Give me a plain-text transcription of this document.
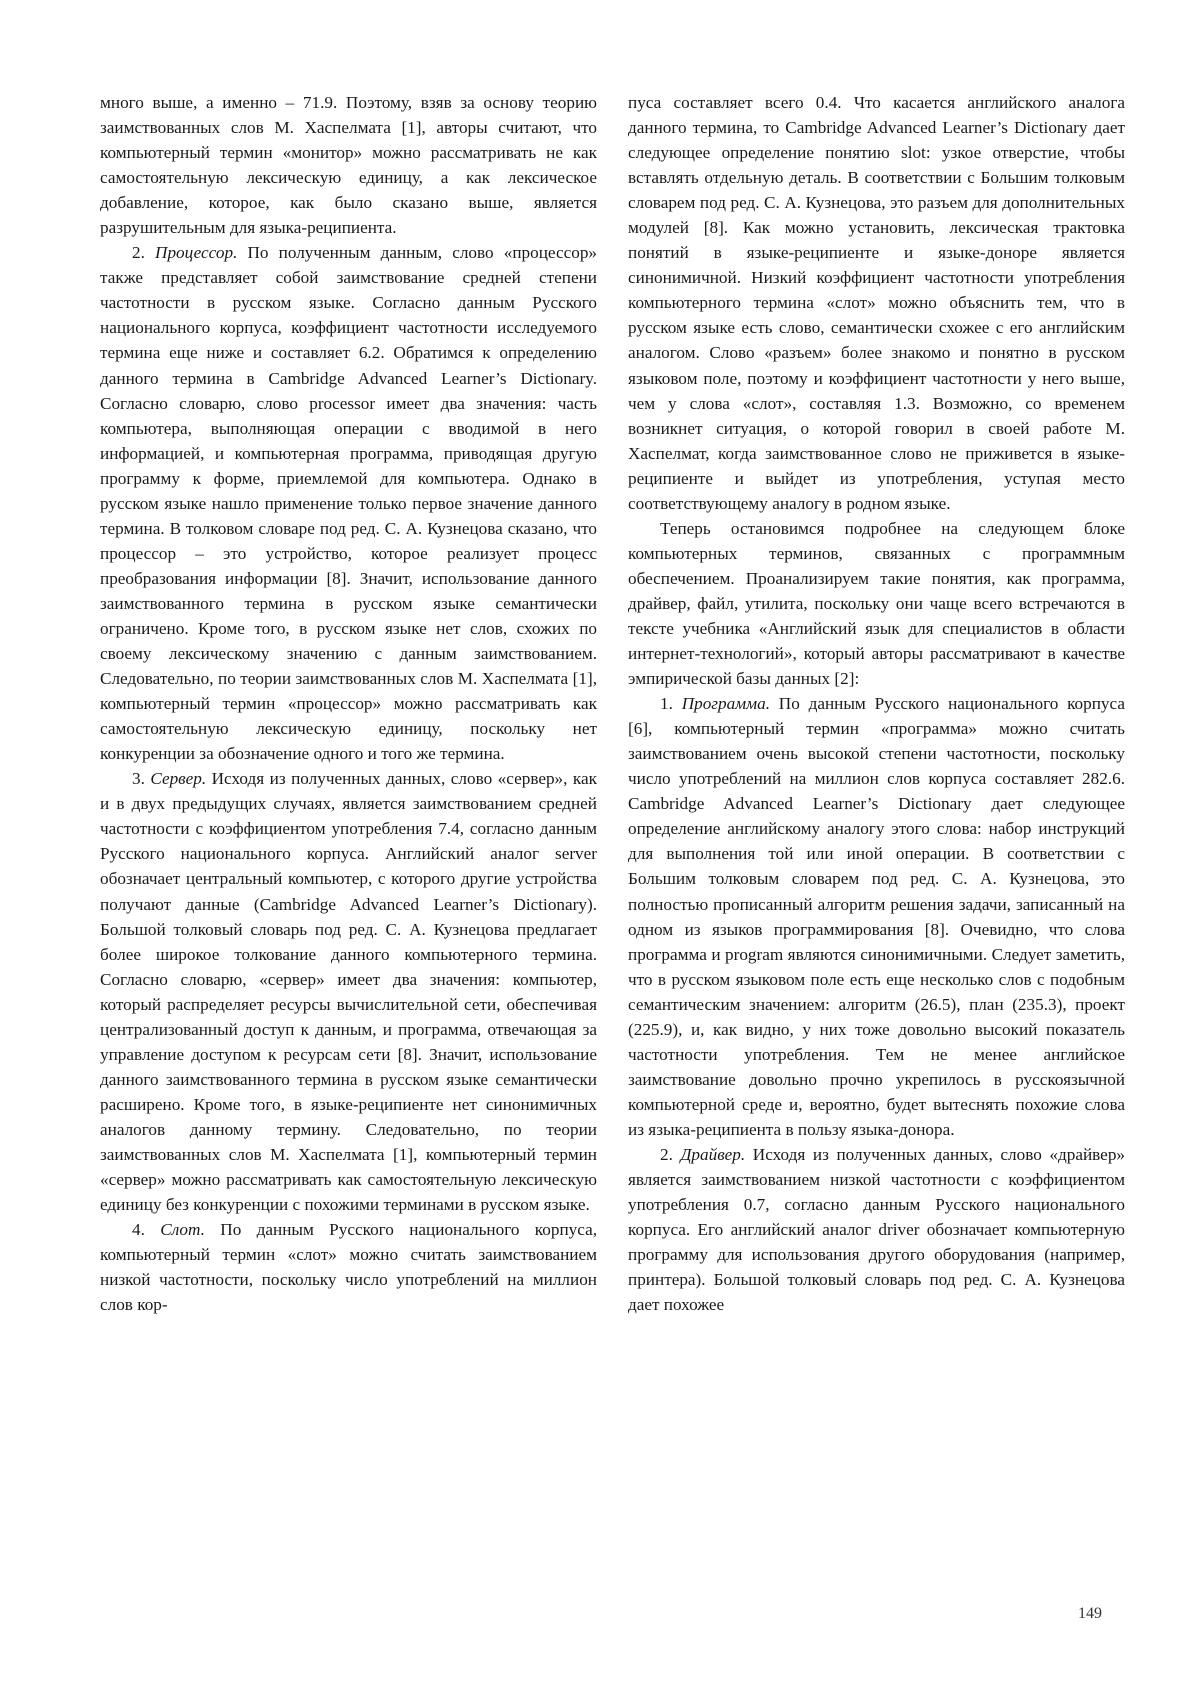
много выше, а именно – 71.9. Поэтому, взяв за основу теорию заимствованных слов М. Хаспелмата [1], авторы считают, что компьютерный термин «монитор» можно рассматривать не как самостоятельную лексическую единицу, а как лексическое добавление, которое, как было сказано выше, является разрушительным для языка-реципиента.

2. Процессор. По полученным данным, слово «процессор» также представляет собой заимствование средней степени частотности в русском языке. Согласно данным Русского национального корпуса, коэффициент частотности исследуемого термина еще ниже и составляет 6.2. Обратимся к определению данного термина в Cambridge Advanced Learner’s Dictionary. Согласно словарю, слово processor имеет два значения: часть компьютера, выполняющая операции с вводимой в него информацией, и компьютерная программа, приводящая другую программу к форме, приемлемой для компьютера. Однако в русском языке нашло применение только первое значение данного термина. В толковом словаре под ред. С. А. Кузнецова сказано, что процессор – это устройство, которое реализует процесс преобразования информации [8]. Значит, использование данного заимствованного термина в русском языке семантически ограничено. Кроме того, в русском языке нет слов, схожих по своему лексическому значению с данным заимствованием. Следовательно, по теории заимствованных слов М. Хаспелмата [1], компьютерный термин «процессор» можно рассматривать как самостоятельную лексическую единицу, поскольку нет конкуренции за обозначение одного и того же термина.

3. Сервер. Исходя из полученных данных, слово «сервер», как и в двух предыдущих случаях, является заимствованием средней частотности с коэффициентом употребления 7.4, согласно данным Русского национального корпуса. Английский аналог server обозначает центральный компьютер, с которого другие устройства получают данные (Cambridge Advanced Learner’s Dictionary). Большой толковый словарь под ред. С. А. Кузнецова предлагает более широкое толкование данного компьютерного термина. Согласно словарю, «сервер» имеет два значения: компьютер, который распределяет ресурсы вычислительной сети, обеспечивая централизованный доступ к данным, и программа, отвечающая за управление доступом к ресурсам сети [8]. Значит, использование данного заимствованного термина в русском языке семантически расширено. Кроме того, в языке-реципиенте нет синонимичных аналогов данному термину. Следовательно, по теории заимствованных слов М. Хаспелмата [1], компьютерный термин «сервер» можно рассматривать как самостоятельную лексическую единицу без конкуренции с похожими терминами в русском языке.

4. Слот. По данным Русского национального корпуса, компьютерный термин «слот» можно считать заимствованием низкой частотности, поскольку число употреблений на миллион слов кор-

пуса составляет всего 0.4. Что касается английского аналога данного термина, то Cambridge Advanced Learner’s Dictionary дает следующее определение понятию slot: узкое отверстие, чтобы вставлять отдельную деталь. В соответствии с Большим толковым словарем под ред. С. А. Кузнецова, это разъем для дополнительных модулей [8]. Как можно установить, лексическая трактовка понятий в языке-реципиенте и языке-доноре является синонимичной. Низкий коэффициент частотности употребления компьютерного термина «слот» можно объяснить тем, что в русском языке есть слово, семантически схожее с его английским аналогом. Слово «разъем» более знакомо и понятно в русском языковом поле, поэтому и коэффициент частотности у него выше, чем у слова «слот», составляя 1.3. Возможно, со временем возникнет ситуация, о которой говорил в своей работе М. Хаспелмат, когда заимствованное слово не приживется в языке-реципиенте и выйдет из употребления, уступая место соответствующему аналогу в родном языке.

Теперь остановимся подробнее на следующем блоке компьютерных терминов, связанных с программным обеспечением. Проанализируем такие понятия, как программа, драйвер, файл, утилита, поскольку они чаще всего встречаются в тексте учебника «Английский язык для специалистов в области интернет-технологий», который авторы рассматривают в качестве эмпирической базы данных [2]:

1. Программа. По данным Русского национального корпуса [6], компьютерный термин «программа» можно считать заимствованием очень высокой степени частотности, поскольку число употреблений на миллион слов корпуса составляет 282.6. Cambridge Advanced Learner’s Dictionary дает следующее определение английскому аналогу этого слова: набор инструкций для выполнения той или иной операции. В соответствии с Большим толковым словарем под ред. С. А. Кузнецова, это полностью прописанный алгоритм решения задачи, записанный на одном из языков программирования [8]. Очевидно, что слова программа и program являются синонимичными. Следует заметить, что в русском языковом поле есть еще несколько слов с подобным семантическим значением: алгоритм (26.5), план (235.3), проект (225.9), и, как видно, у них тоже довольно высокий показатель частотности употребления. Тем не менее английское заимствование довольно прочно укрепилось в русскоязычной компьютерной среде и, вероятно, будет вытеснять похожие слова из языка-реципиента в пользу языка-донора.

2. Драйвер. Исходя из полученных данных, слово «драйвер» является заимствованием низкой частотности с коэффициентом употребления 0.7, согласно данным Русского национального корпуса. Его английский аналог driver обозначает компьютерную программу для использования другого оборудования (например, принтера). Большой толковый словарь под ред. С. А. Кузнецова дает похожее

149
